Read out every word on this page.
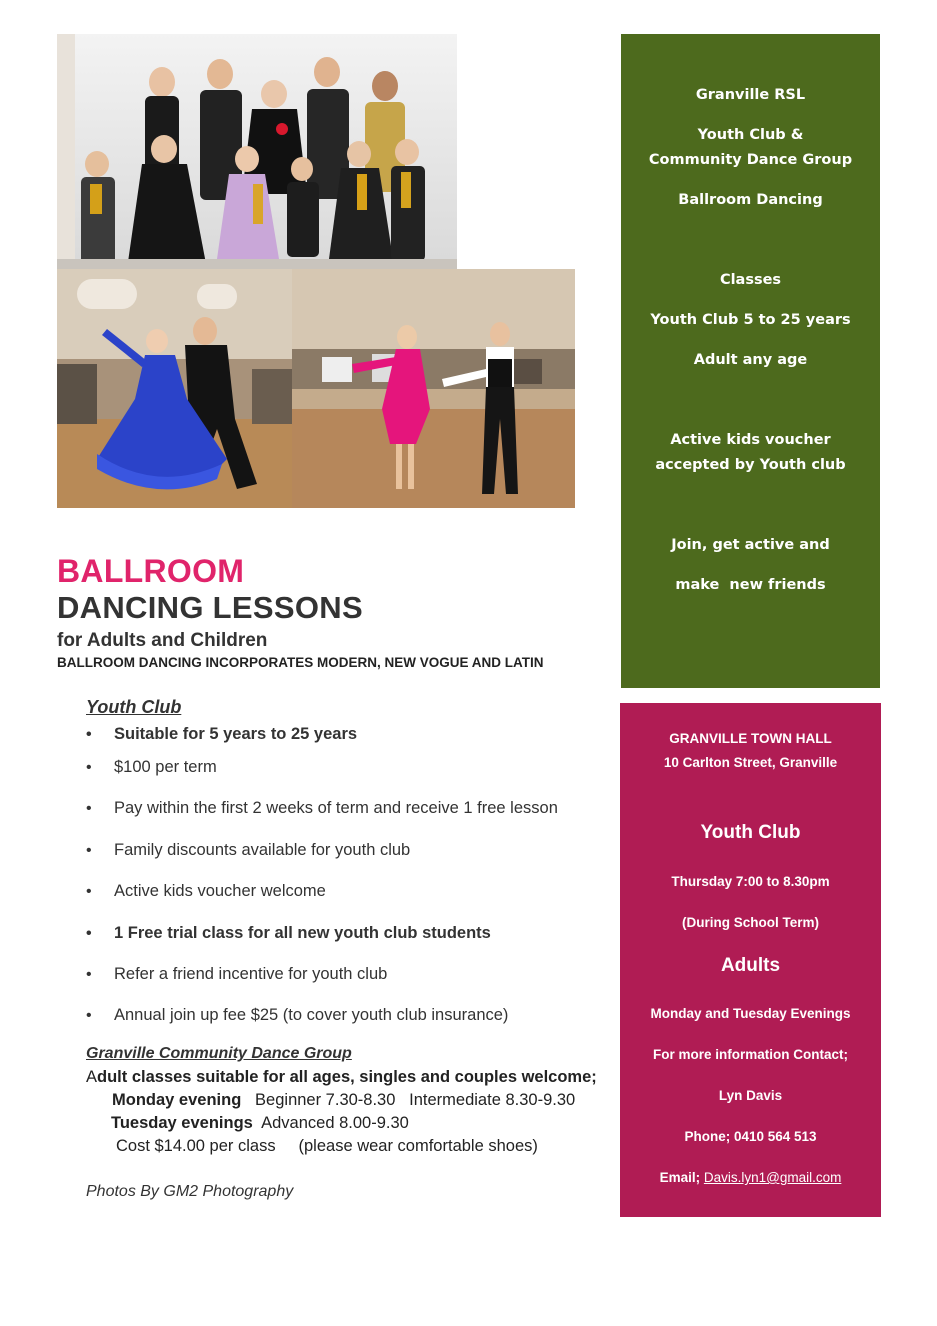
BALLROOM
DANCING LESSONS
for Adults and Children
BALLROOM DANCING INCORPORATES MODERN, NEW VOGUE AND LATIN
Youth Club
• Suitable for 5 years to 25 years
• $100 per term
• Pay within the first 2 weeks of term and receive 1 free lesson
• Family discounts available for youth club
• Active kids voucher welcome
• 1 Free trial class for all new youth club students
• Refer a friend incentive for youth club
• Annual join up fee $25 (to cover youth club insurance)
Granville Community Dance Group
Adult classes suitable for all ages, singles and couples welcome;
Monday evening Beginner 7.30-8.30   Intermediate 8.30-9.30
Tuesday evenings Advanced 8.00-9.30
Cost $14.00 per class     (please wear comfortable shoes)
Photos By GM2 Photography
Granville RSL
Youth Club &
Community Dance Group
Ballroom Dancing
Classes
Youth Club 5 to 25 years
Adult any age
Active kids voucher
accepted by Youth club
Join, get active and
make  new friends
GRANVILLE TOWN HALL
10 Carlton Street, Granville
Youth Club
Thursday 7:00 to 8.30pm
(During School Term)
Adults
Monday and Tuesday Evenings
For more information Contact;
Lyn Davis
Phone; 0410 564 513
Email; Davis.lyn1@gmail.com
